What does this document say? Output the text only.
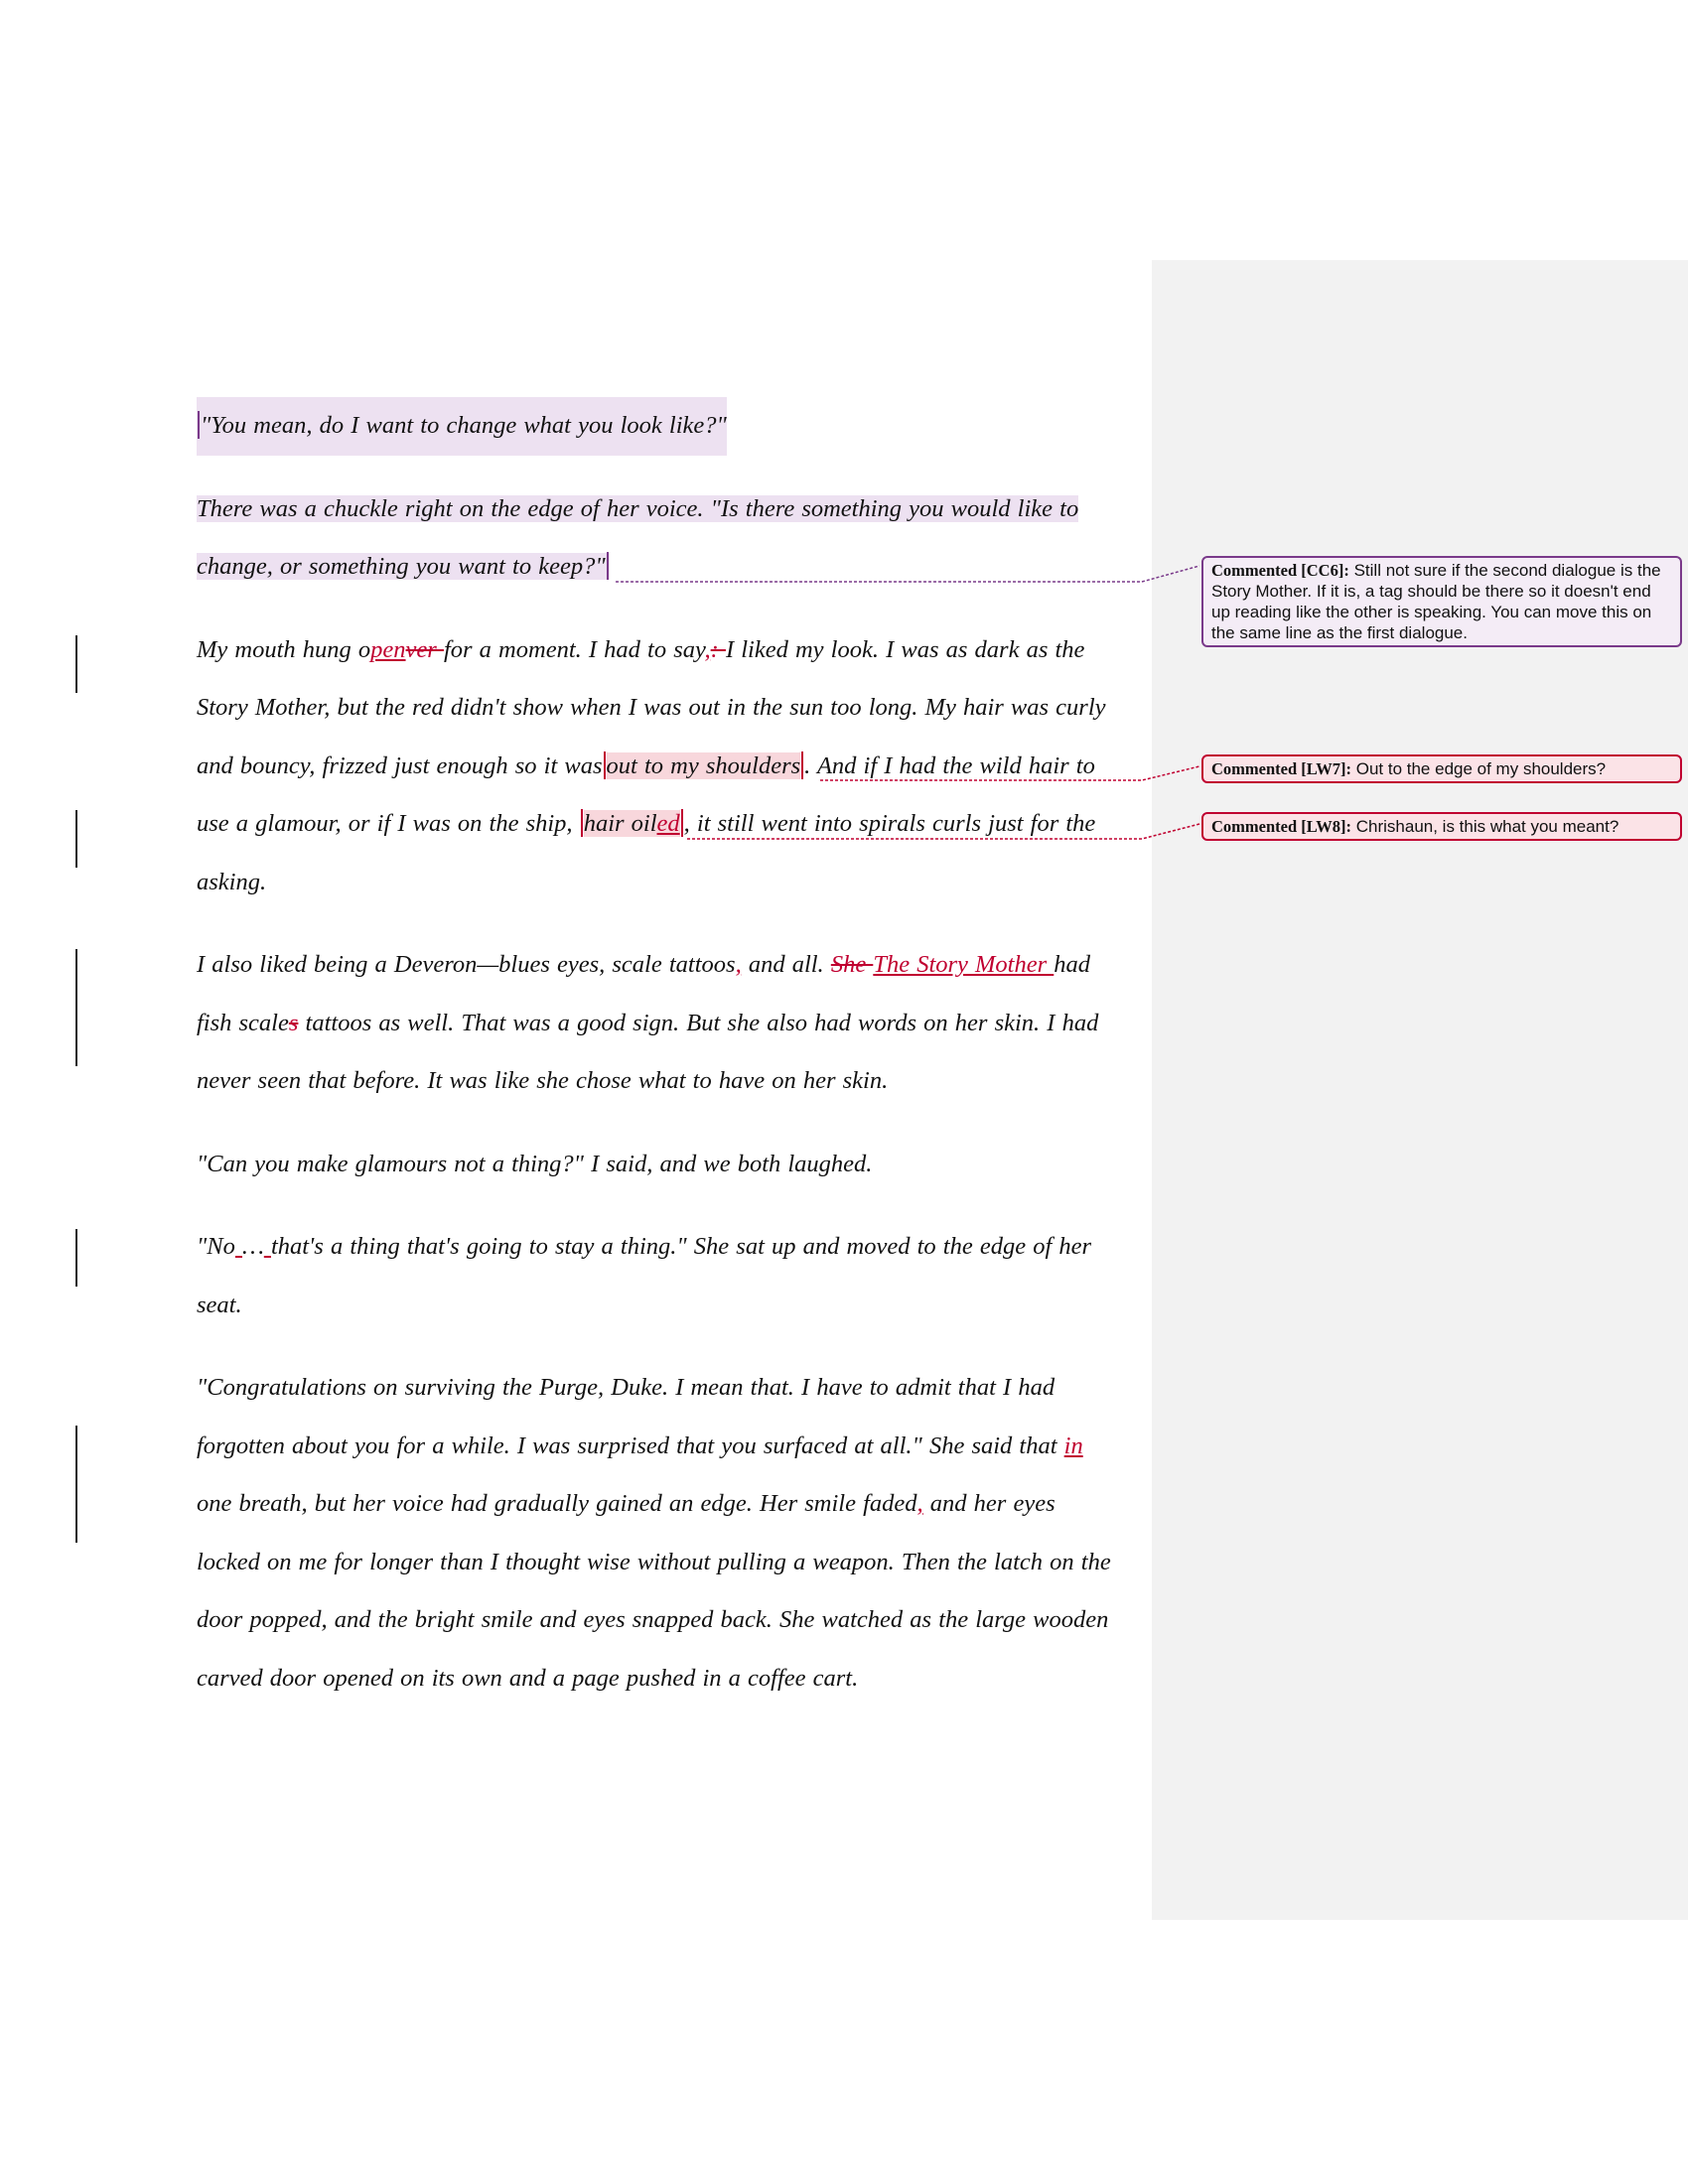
"You mean, do I want to change what you look like?"

There was a chuckle right on the edge of her voice. "Is there something you would like to
change, or something you want to keep?"

My mouth hung openver for a moment. I had to say,: I liked my look. I was as dark as the
Story Mother, but the red didn't show when I was out in the sun too long. My hair was curly
and bouncy, frizzed just enough so it was out to my shoulders . And if I had the wild hair to
use a glamour, or if I was on the ship, hair oiled , it still went into spirals curls just for the
asking.

I also liked being a Deveron—blues eyes, scale tattoos, and all. She The Story Mother had
fish scales tattoos as well. That was a good sign. But she also had words on her skin. I had
never seen that before. It was like she chose what to have on her skin.

"Can you make glamours not a thing?" I said, and we both laughed.

"No … that's a thing that's going to stay a thing." She sat up and moved to the edge of her
seat.

"Congratulations on surviving the Purge, Duke. I mean that. I have to admit that I had
forgotten about you for a while. I was surprised that you surfaced at all." She said that in
one breath, but her voice had gradually gained an edge. Her smile faded, and her eyes
locked on me for longer than I thought wise without pulling a weapon. Then the latch on the
door popped, and the bright smile and eyes snapped back. She watched as the large wooden
carved door opened on its own and a page pushed in a coffee cart.

Commented [CC6]: Still not sure if the second dialogue is the Story Mother. If it is, a tag should be there so it doesn't end up reading like the other is speaking. You can move this on the same line as the first dialogue.
Commented [LW7]: Out to the edge of my shoulders?
Commented [LW8]: Chrishaun, is this what you meant?
